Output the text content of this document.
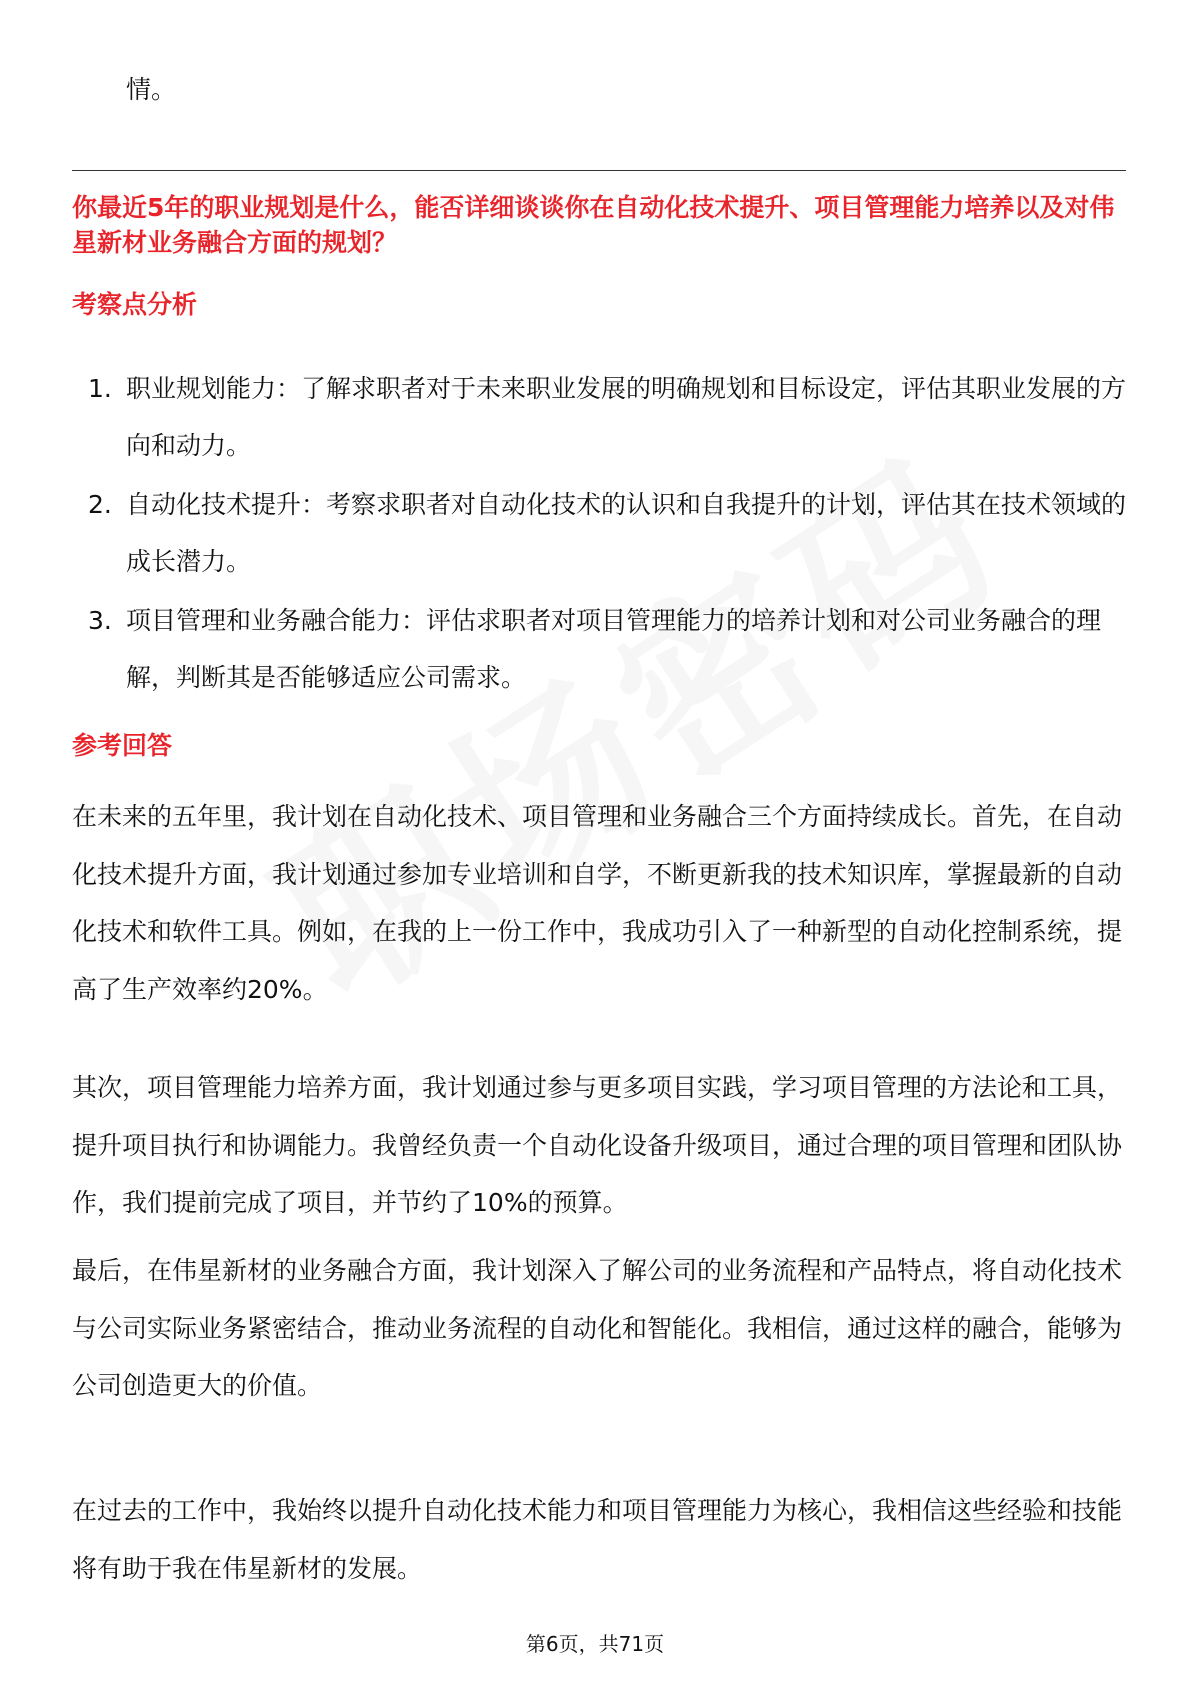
情。
你最近5年的职业规划是什么，能否详细谈谈你在自动化技术提升、项目管理能力培养以及对伟星新材业务融合方面的规划？
考察点分析
1. 职业规划能力：了解求职者对于未来职业发展的明确规划和目标设定，评估其职业发展的方向和动力。
2. 自动化技术提升：考察求职者对自动化技术的认识和自我提升的计划，评估其在技术领域的成长潜力。
3. 项目管理和业务融合能力：评估求职者对项目管理能力的培养计划和对公司业务融合的理解，判断其是否能够适应公司需求。
参考回答
在未来的五年里，我计划在自动化技术、项目管理和业务融合三个方面持续成长。首先，在自动化技术提升方面，我计划通过参加专业培训和自学，不断更新我的技术知识库，掌握最新的自动化技术和软件工具。例如，在我的上一份工作中，我成功引入了一种新型的自动化控制系统，提高了生产效率约20%。
其次，项目管理能力培养方面，我计划通过参与更多项目实践，学习项目管理的方法论和工具，提升项目执行和协调能力。我曾经负责一个自动化设备升级项目，通过合理的项目管理和团队协作，我们提前完成了项目，并节约了10%的预算。
最后，在伟星新材的业务融合方面，我计划深入了解公司的业务流程和产品特点，将自动化技术与公司实际业务紧密结合，推动业务流程的自动化和智能化。我相信，通过这样的融合，能够为公司创造更大的价值。
在过去的工作中，我始终以提升自动化技术能力和项目管理能力为核心，我相信这些经验和技能将有助于我在伟星新材的发展。
第6页，共71页
